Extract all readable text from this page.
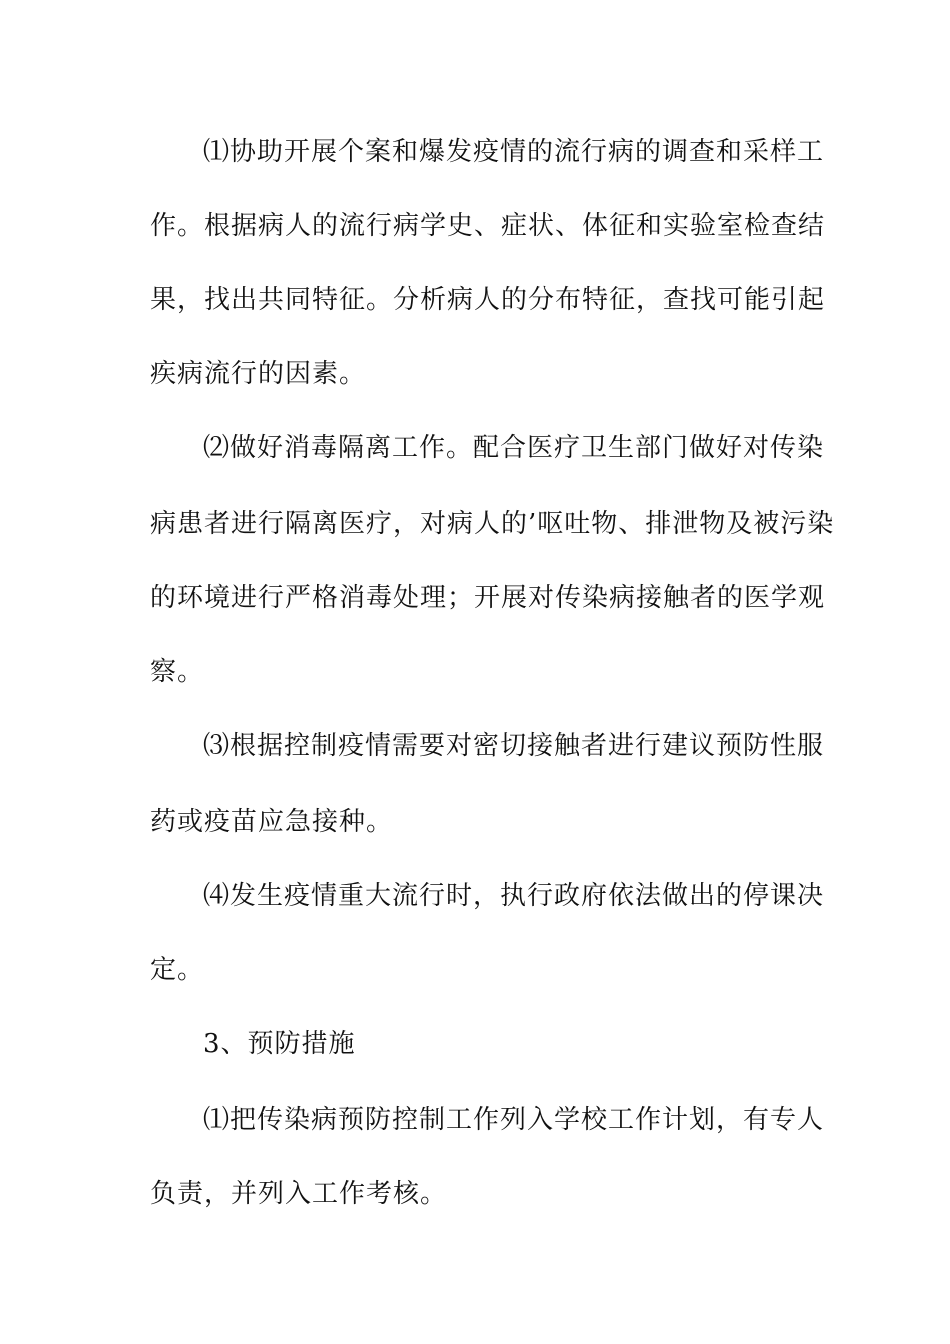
⑴协助开展个案和爆发疫情的流行病的调查和采样工
作。根据病人的流行病学史、症状、体征和实验室检查结
果，找出共同特征。分析病人的分布特征，查找可能引起
疾病流行的因素。
⑵做好消毒隔离工作。配合医疗卫生部门做好对传染
病患者进行隔离医疗，对病人的’呕吐物、排泄物及被污染
的环境进行严格消毒处理；开展对传染病接触者的医学观
察。
⑶根据控制疫情需要对密切接触者进行建议预防性服
药或疫苗应急接种。
⑷发生疫情重大流行时，执行政府依法做出的停课决
定。
3、预防措施
⑴把传染病预防控制工作列入学校工作计划，有专人
负责，并列入工作考核。
